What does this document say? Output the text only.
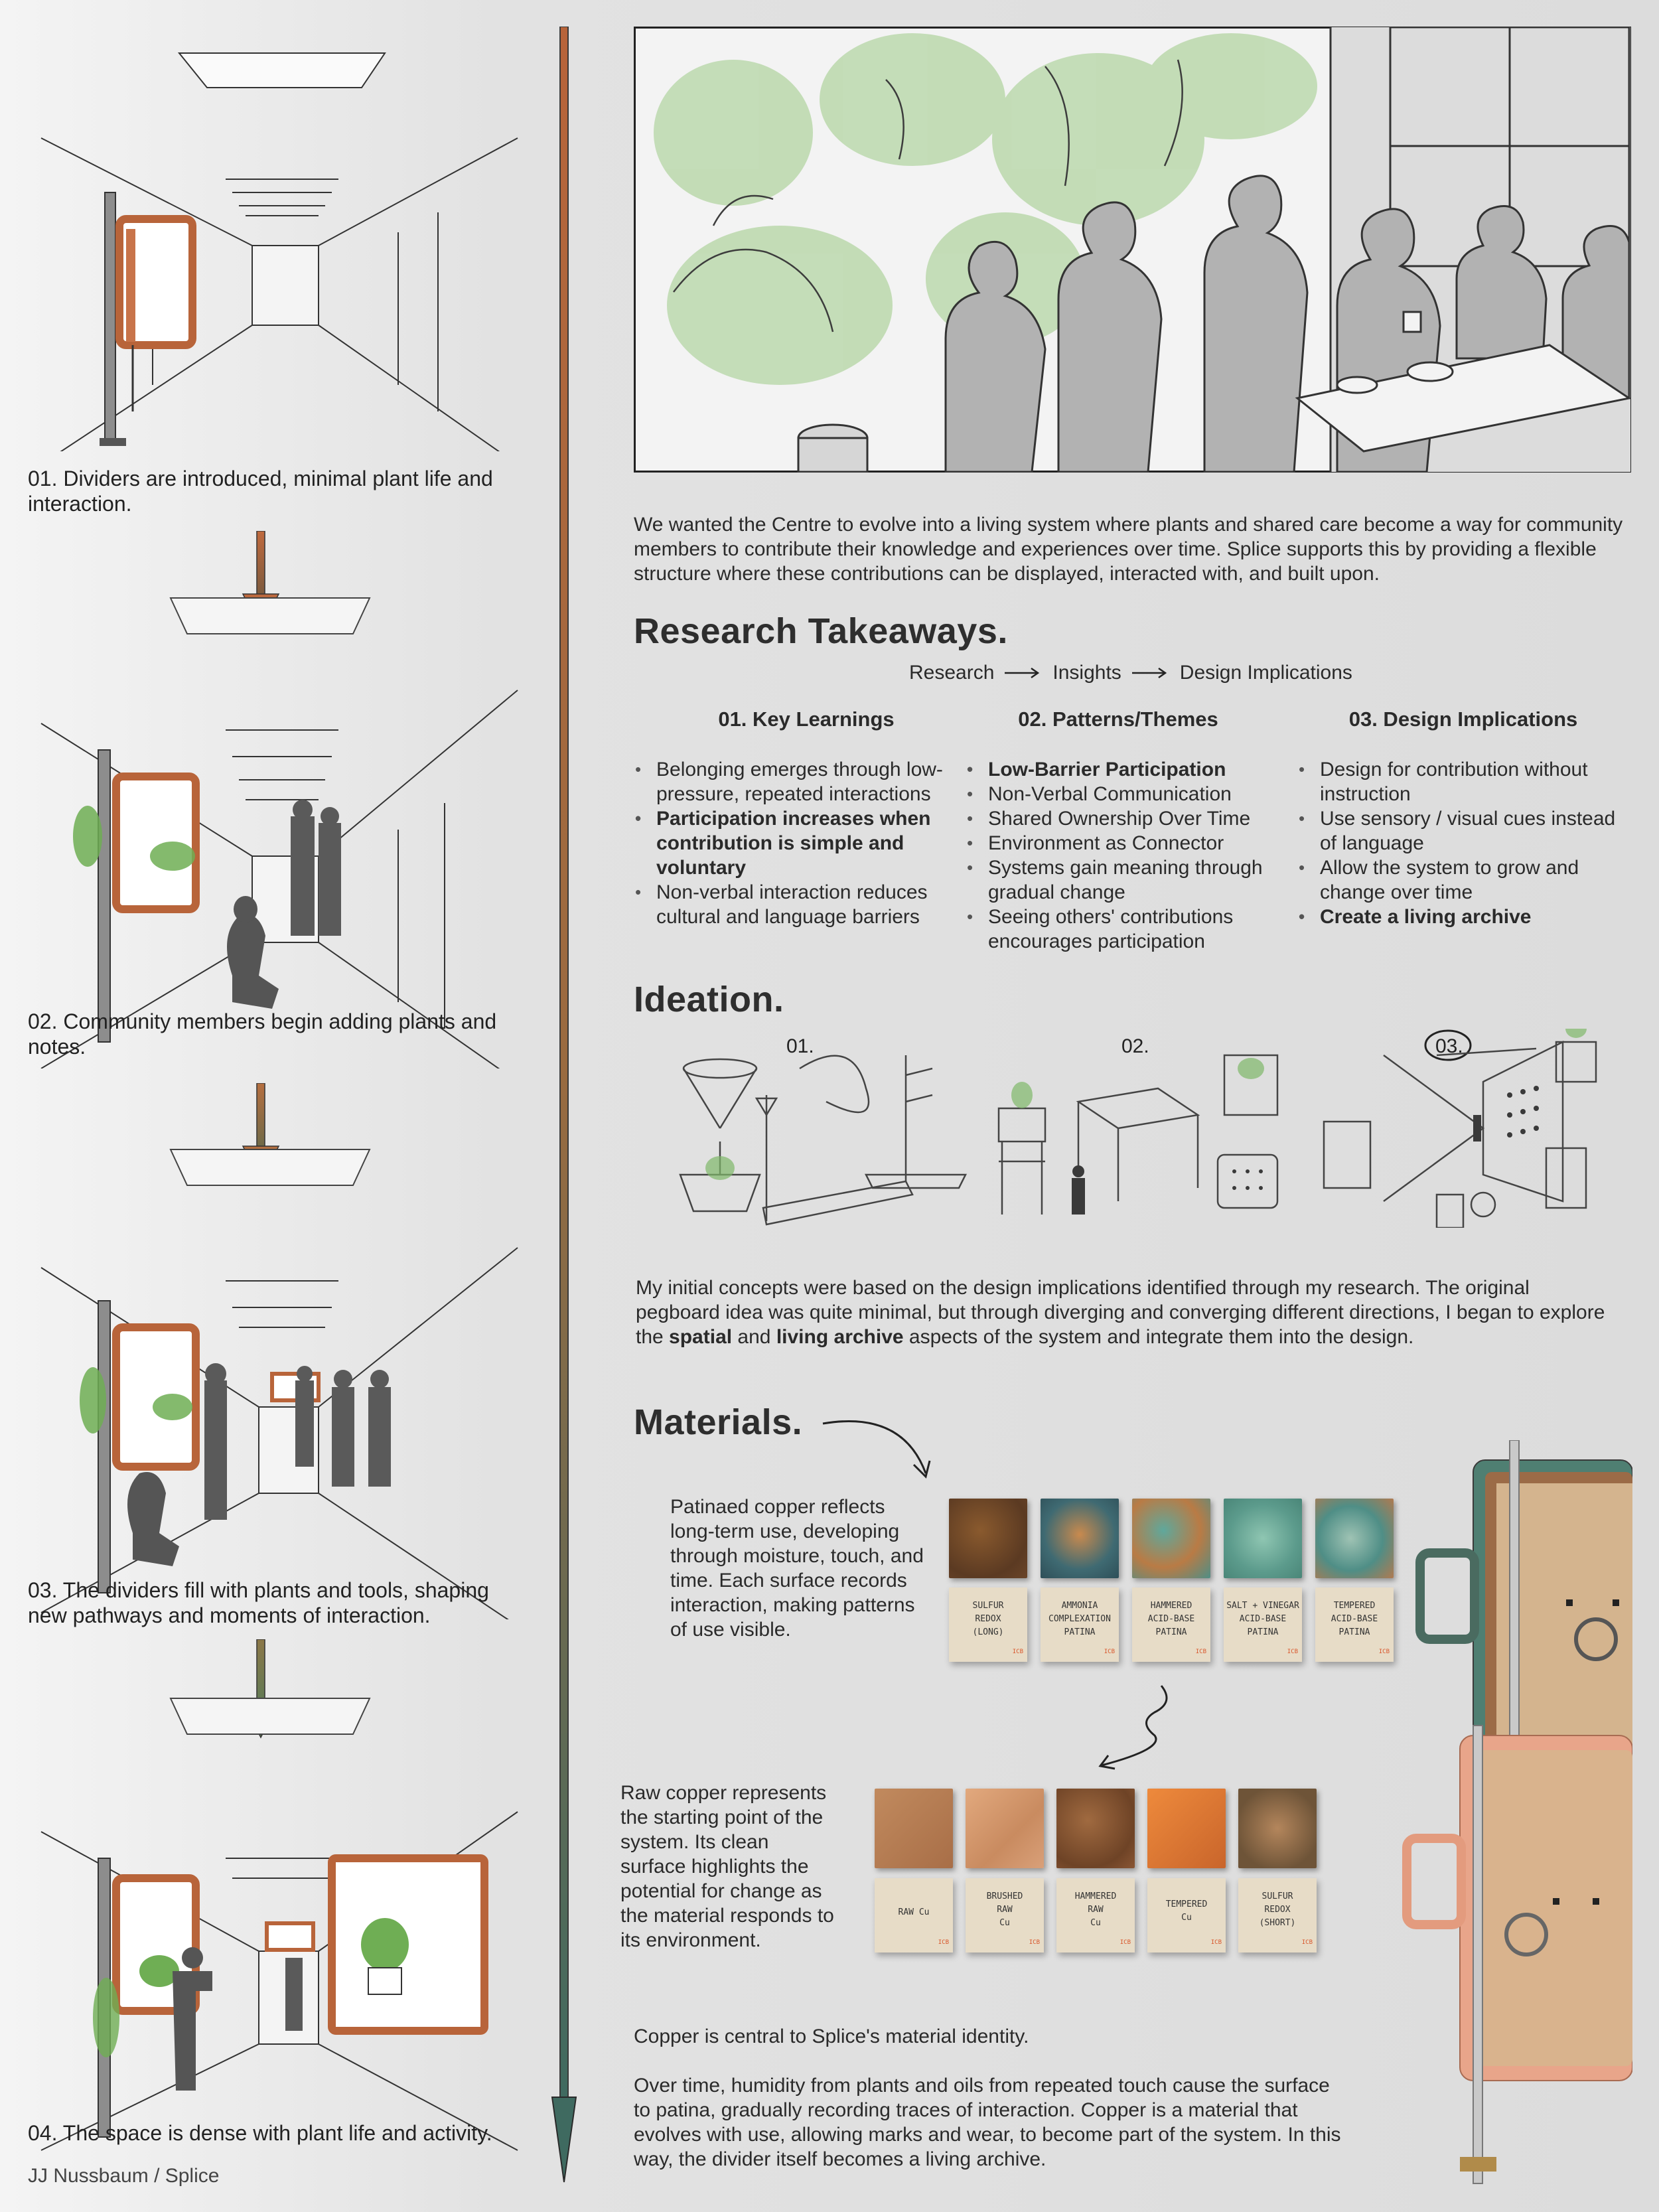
01. Dividers are introduced, minimal plant life and interaction.
02. Community members begin adding plants and notes.
03. The dividers fill with plants and tools, shaping new pathways and moments of interaction.
04. The space is dense with plant life and activity.
JJ Nussbaum / Splice
We wanted the Centre to evolve into a living system where plants and shared care become a way for community members to contribute their knowledge and experiences over time. Splice supports this by providing a flexible structure where these contributions can be displayed, interacted with, and built upon.
Research Takeaways.
Research	Insights	Design Implications
01. Key Learnings	02. Patterns/Themes	03. Design Implications
• Belonging emerges through low-pressure, repeated interactions
• Participation increases when contribution is simple and voluntary
• Non-verbal interaction reduces cultural and language barriers
• Low-Barrier Participation
• Non-Verbal Communication
• Shared Ownership Over Time
• Environment as Connector
• Systems gain meaning through gradual change
• Seeing others' contributions encourages participation
• Design for contribution without instruction
• Use sensory / visual cues instead of language
• Allow the system to grow and change over time
• Create a living archive
Ideation.
01.	02.	03.
My initial concepts were based on the design implications identified through my research. The original pegboard idea was quite minimal, but through diverging and converging different directions, I began to explore the spatial and living archive aspects of the system and integrate them into the design.
Materials.
Patinaed copper reflects long-term use, developing through moisture, touch, and time. Each surface records interaction, making patterns of use visible.
SULFUR
REDOX
(LONG)
ICB
AMMONIA
COMPLEXATION
PATINA
ICB
HAMMERED
ACID-BASE
PATINA
ICB
SALT + VINEGAR
ACID-BASE
PATINA
ICB
TEMPERED
ACID-BASE
PATINA
ICB
Raw copper represents the starting point of the system. Its clean surface highlights the potential for change as the material responds to its environment.
RAW Cu
ICB
BRUSHED
RAW
Cu
ICB
HAMMERED
RAW
Cu
ICB
TEMPERED
Cu
ICB
SULFUR
REDOX
(SHORT)
ICB
Copper is central to Splice's material identity.
Over time, humidity from plants and oils from repeated touch cause the surface to patina, gradually recording traces of interaction. Copper is a material that evolves with use, allowing marks and wear, to become part of the system. In this way, the divider itself becomes a living archive.
